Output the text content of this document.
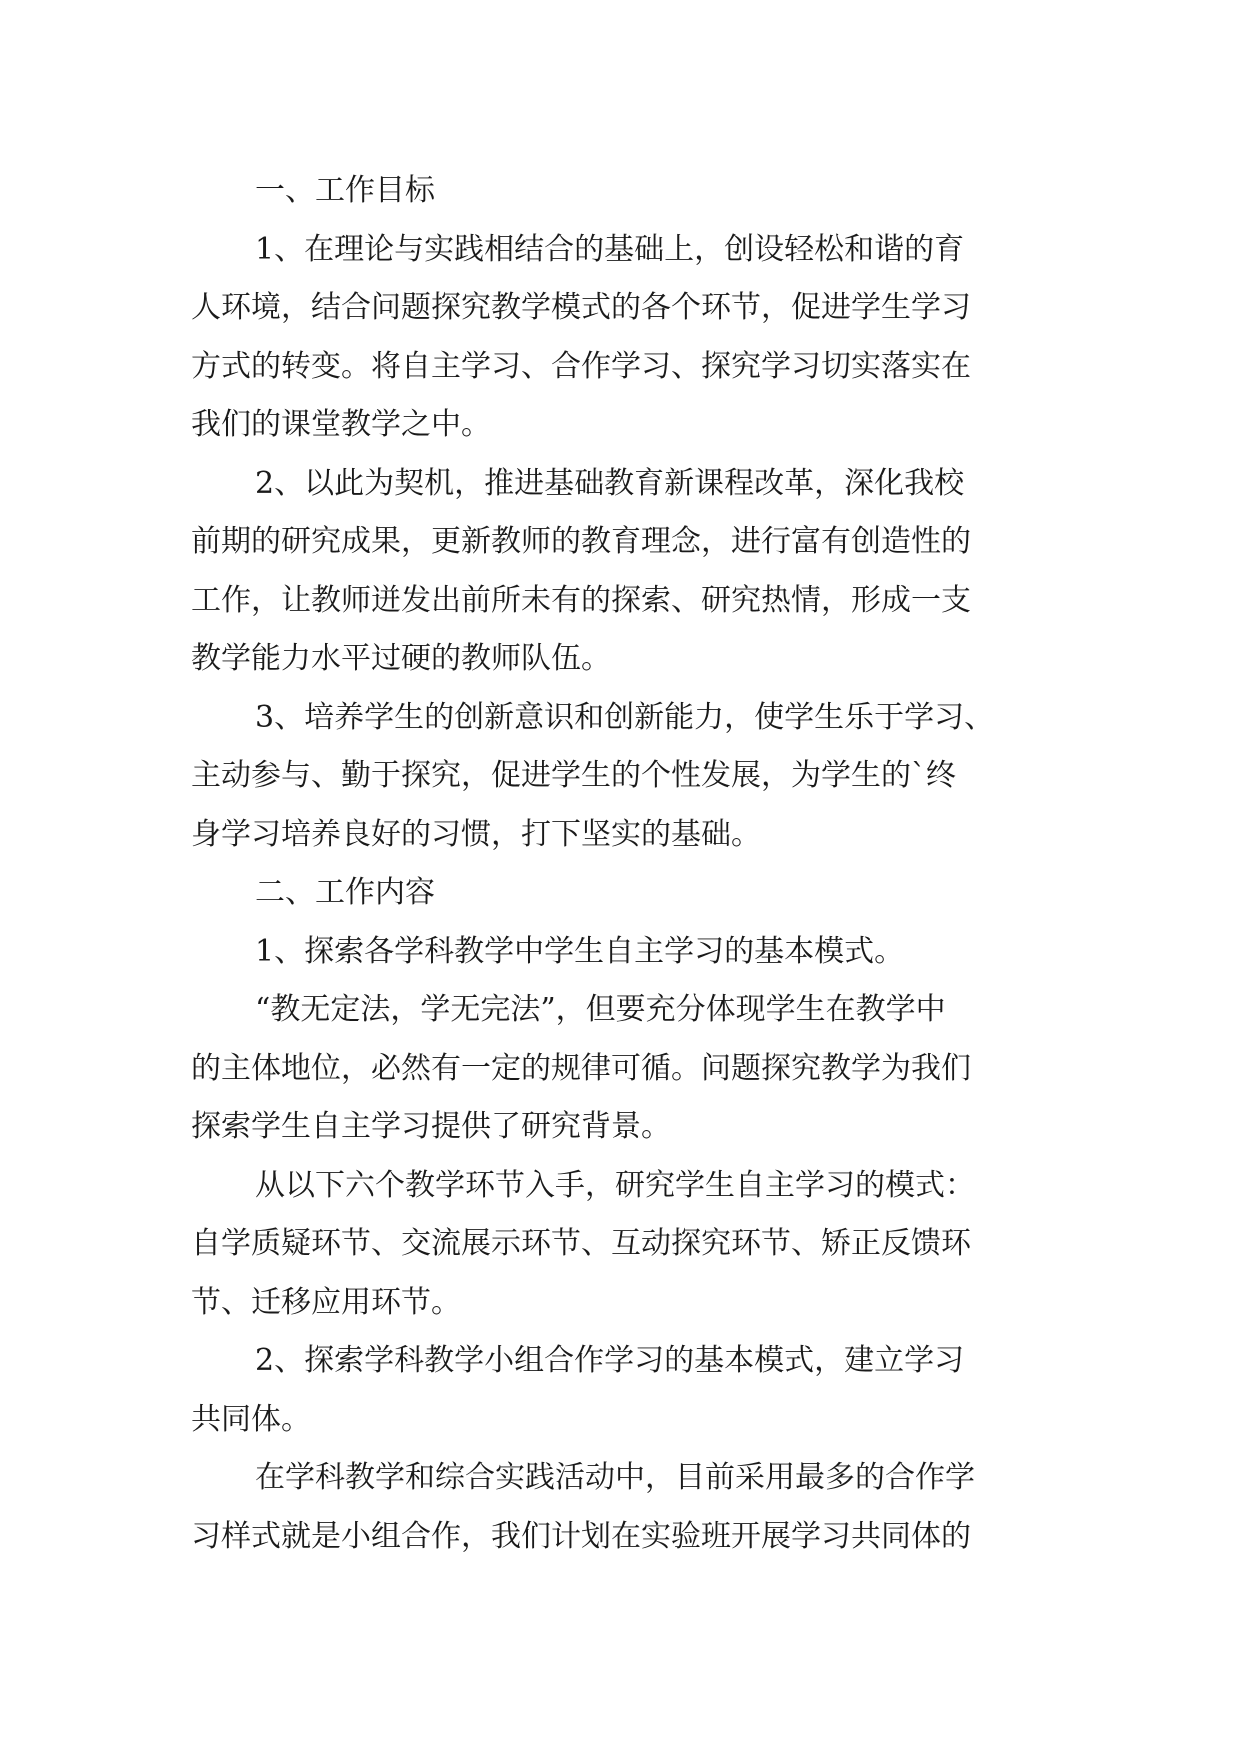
一、工作目标
1、在理论与实践相结合的基础上，创设轻松和谐的育
人环境，结合问题探究教学模式的各个环节，促进学生学习
方式的转变。将自主学习、合作学习、探究学习切实落实在
我们的课堂教学之中。
2、以此为契机，推进基础教育新课程改革，深化我校
前期的研究成果，更新教师的教育理念，进行富有创造性的
工作，让教师迸发出前所未有的探索、研究热情，形成一支
教学能力水平过硬的教师队伍。
3、培养学生的创新意识和创新能力，使学生乐于学习、
主动参与、勤于探究，促进学生的个性发展，为学生的`终
身学习培养良好的习惯，打下坚实的基础。
二、工作内容
1、探索各学科教学中学生自主学习的基本模式。
“教无定法，学无完法”，但要充分体现学生在教学中
的主体地位，必然有一定的规律可循。问题探究教学为我们
探索学生自主学习提供了研究背景。
从以下六个教学环节入手，研究学生自主学习的模式：
自学质疑环节、交流展示环节、互动探究环节、矫正反馈环
节、迁移应用环节。
2、探索学科教学小组合作学习的基本模式，建立学习
共同体。
在学科教学和综合实践活动中，目前采用最多的合作学
习样式就是小组合作，我们计划在实验班开展学习共同体的
